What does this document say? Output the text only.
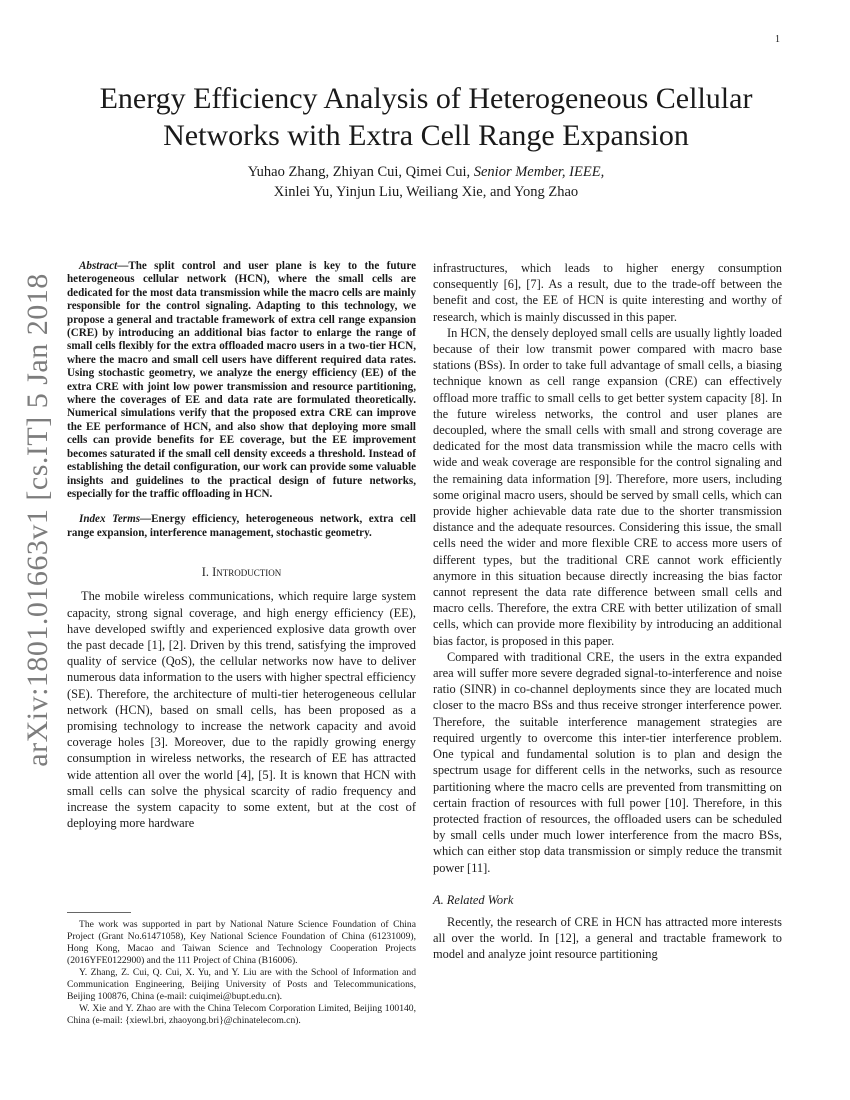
1
arXiv:1801.01663v1 [cs.IT] 5 Jan 2018
Energy Efficiency Analysis of Heterogeneous Cellular Networks with Extra Cell Range Expansion
Yuhao Zhang, Zhiyan Cui, Qimei Cui, Senior Member, IEEE,
Xinlei Yu, Yinjun Liu, Weiliang Xie, and Yong Zhao

Abstract—The split control and user plane is key to the future heterogeneous cellular network (HCN), where the small cells are dedicated for the most data transmission while the macro cells are mainly responsible for the control signaling. Adapting to this technology, we propose a general and tractable framework of extra cell range expansion (CRE) by introducing an additional bias factor to enlarge the range of small cells flexibly for the extra offloaded macro users in a two-tier HCN, where the macro and small cell users have different required data rates. Using stochastic geometry, we analyze the energy efficiency (EE) of the extra CRE with joint low power transmission and resource partitioning, where the coverages of EE and data rate are formulated theoretically. Numerical simulations verify that the proposed extra CRE can improve the EE performance of HCN, and also show that deploying more small cells can provide benefits for EE coverage, but the EE improvement becomes saturated if the small cell density exceeds a threshold. Instead of establishing the detail configuration, our work can provide some valuable insights and guidelines to the practical design of future networks, especially for the traffic offloading in HCN.

Index Terms—Energy efficiency, heterogeneous network, extra cell range expansion, interference management, stochastic geometry.

I. Introduction

The mobile wireless communications, which require large system capacity, strong signal coverage, and high energy efficiency (EE), have developed swiftly and experienced explosive data growth over the past decade [1], [2]. Driven by this trend, satisfying the improved quality of service (QoS), the cellular networks now have to deliver numerous data information to the users with higher spectral efficiency (SE). Therefore, the architecture of multi-tier heterogeneous cellular network (HCN), based on small cells, has been proposed as a promising technology to increase the network capacity and avoid coverage holes [3]. Moreover, due to the rapidly growing energy consumption in wireless networks, the research of EE has attracted wide attention all over the world [4], [5]. It is known that HCN with small cells can solve the physical scarcity of radio frequency and increase the system capacity to some extent, but at the cost of deploying more hardware

The work was supported in part by National Nature Science Foundation of China Project (Grant No.61471058), Key National Science Foundation of China (61231009), Hong Kong, Macao and Taiwan Science and Technology Cooperation Projects (2016YFE0122900) and the 111 Project of China (B16006).

Y. Zhang, Z. Cui, Q. Cui, X. Yu, and Y. Liu are with the School of Information and Communication Engineering, Beijing University of Posts and Telecommunications, Beijing 100876, China (e-mail: cuiqimei@bupt.edu.cn).

W. Xie and Y. Zhao are with the China Telecom Corporation Limited, Beijing 100140, China (e-mail: {xiewl.bri, zhaoyong.bri}@chinatelecom.cn).

infrastructures, which leads to higher energy consumption consequently [6], [7]. As a result, due to the trade-off between the benefit and cost, the EE of HCN is quite interesting and worthy of research, which is mainly discussed in this paper.

In HCN, the densely deployed small cells are usually lightly loaded because of their low transmit power compared with macro base stations (BSs). In order to take full advantage of small cells, a biasing technique known as cell range expansion (CRE) can effectively offload more traffic to small cells to get better system capacity [8]. In the future wireless networks, the control and user planes are decoupled, where the small cells with small and strong coverage are dedicated for the most data transmission while the macro cells with wide and weak coverage are responsible for the control signaling and the remaining data information [9]. Therefore, more users, including some original macro users, should be served by small cells, which can provide higher achievable data rate due to the shorter transmission distance and the adequate resources. Considering this issue, the small cells need the wider and more flexible CRE to access more users of different types, but the traditional CRE cannot work efficiently anymore in this situation because directly increasing the bias factor cannot represent the data rate difference between small cells and macro cells. Therefore, the extra CRE with better utilization of small cells, which can provide more flexibility by introducing an additional bias factor, is proposed in this paper.

Compared with traditional CRE, the users in the extra expanded area will suffer more severe degraded signal-to-interference and noise ratio (SINR) in co-channel deployments since they are located much closer to the macro BSs and thus receive stronger interference power. Therefore, the suitable interference management strategies are required urgently to overcome this inter-tier interference problem. One typical and fundamental solution is to plan and design the spectrum usage for different cells in the networks, such as resource partitioning where the macro cells are prevented from transmitting on certain fraction of resources with full power [10]. Therefore, in this protected fraction of resources, the offloaded users can be scheduled by small cells under much lower interference from the macro BSs, which can either stop data transmission or simply reduce the transmit power [11].

A. Related Work

Recently, the research of CRE in HCN has attracted more interests all over the world. In [12], a general and tractable framework to model and analyze joint resource partitioning
